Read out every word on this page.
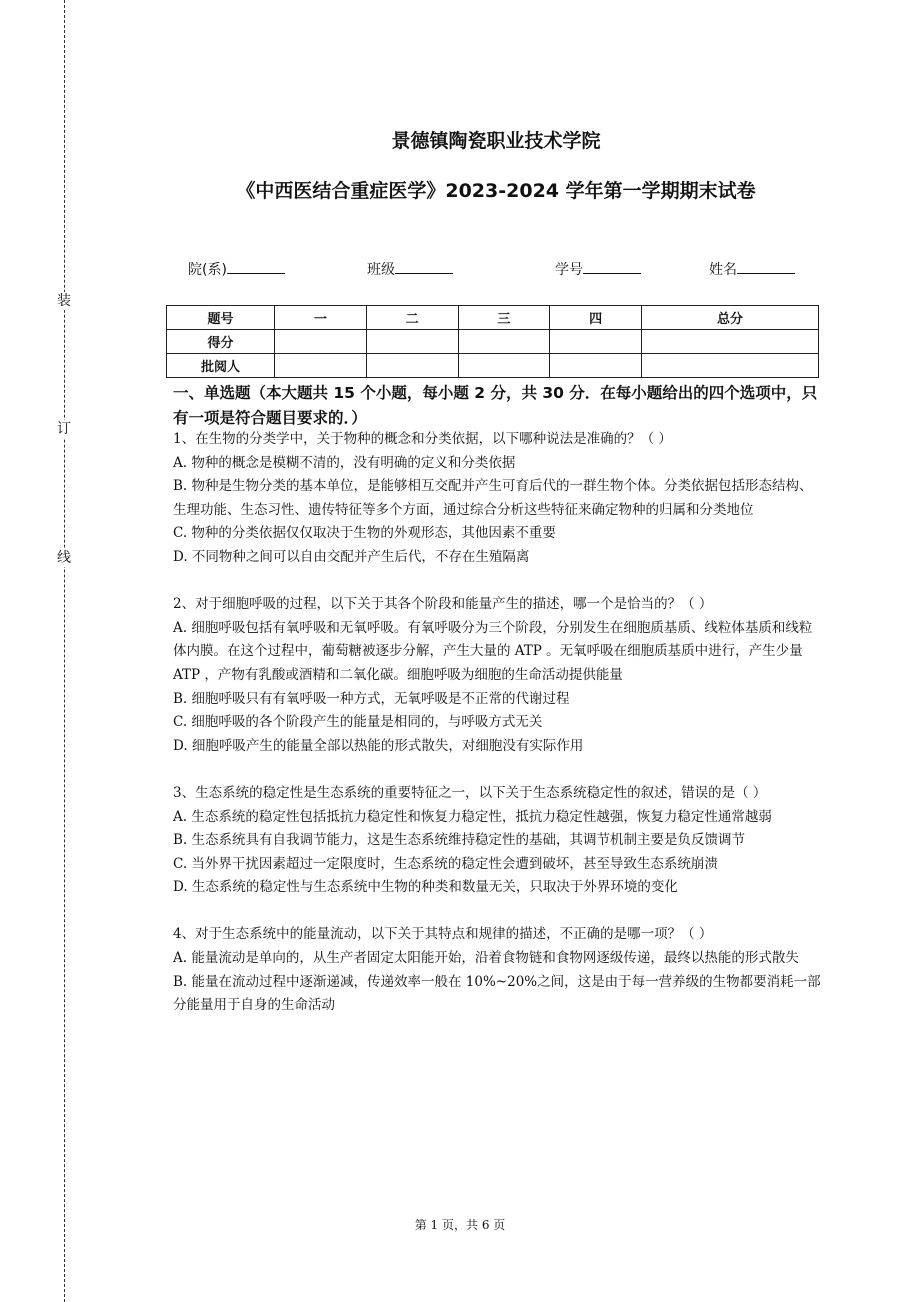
装
订
线
景德镇陶瓷职业技术学院
《中西医结合重症医学》2023-2024 学年第一学期期末试卷
院(系)	班级	学号	姓名
题号	一	二	三	四	总分
得分					
批阅人					
一、单选题（本大题共 15 个小题，每小题 2 分，共 30 分．在每小题给出的四个选项中，只有一项是符合题目要求的．）

1、在生物的分类学中，关于物种的概念和分类依据，以下哪种说法是准确的？（ ）

A. 物种的概念是模糊不清的，没有明确的定义和分类依据

B. 物种是生物分类的基本单位，是能够相互交配并产生可育后代的一群生物个体。分类依据包括形态结构、生理功能、生态习性、遗传特征等多个方面，通过综合分析这些特征来确定物种的归属和分类地位

C. 物种的分类依据仅仅取决于生物的外观形态，其他因素不重要

D. 不同物种之间可以自由交配并产生后代，不存在生殖隔离

2、对于细胞呼吸的过程，以下关于其各个阶段和能量产生的描述，哪一个是恰当的？（ ）

A. 细胞呼吸包括有氧呼吸和无氧呼吸。有氧呼吸分为三个阶段，分别发生在细胞质基质、线粒体基质和线粒体内膜。在这个过程中，葡萄糖被逐步分解，产生大量的 ATP 。无氧呼吸在细胞质基质中进行，产生少量 ATP ，产物有乳酸或酒精和二氧化碳。细胞呼吸为细胞的生命活动提供能量

B. 细胞呼吸只有有氧呼吸一种方式，无氧呼吸是不正常的代谢过程

C. 细胞呼吸的各个阶段产生的能量是相同的，与呼吸方式无关

D. 细胞呼吸产生的能量全部以热能的形式散失，对细胞没有实际作用

3、生态系统的稳定性是生态系统的重要特征之一，以下关于生态系统稳定性的叙述，错误的是（ ）

A. 生态系统的稳定性包括抵抗力稳定性和恢复力稳定性，抵抗力稳定性越强，恢复力稳定性通常越弱

B. 生态系统具有自我调节能力，这是生态系统维持稳定性的基础，其调节机制主要是负反馈调节

C. 当外界干扰因素超过一定限度时，生态系统的稳定性会遭到破坏，甚至导致生态系统崩溃

D. 生态系统的稳定性与生态系统中生物的种类和数量无关，只取决于外界环境的变化

4、对于生态系统中的能量流动，以下关于其特点和规律的描述，不正确的是哪一项？（ ）

A. 能量流动是单向的，从生产者固定太阳能开始，沿着食物链和食物网逐级传递，最终以热能的形式散失

B. 能量在流动过程中逐渐递减，传递效率一般在 10%~20%之间，这是由于每一营养级的生物都要消耗一部分能量用于自身的生命活动

第 1 页，共 6 页
